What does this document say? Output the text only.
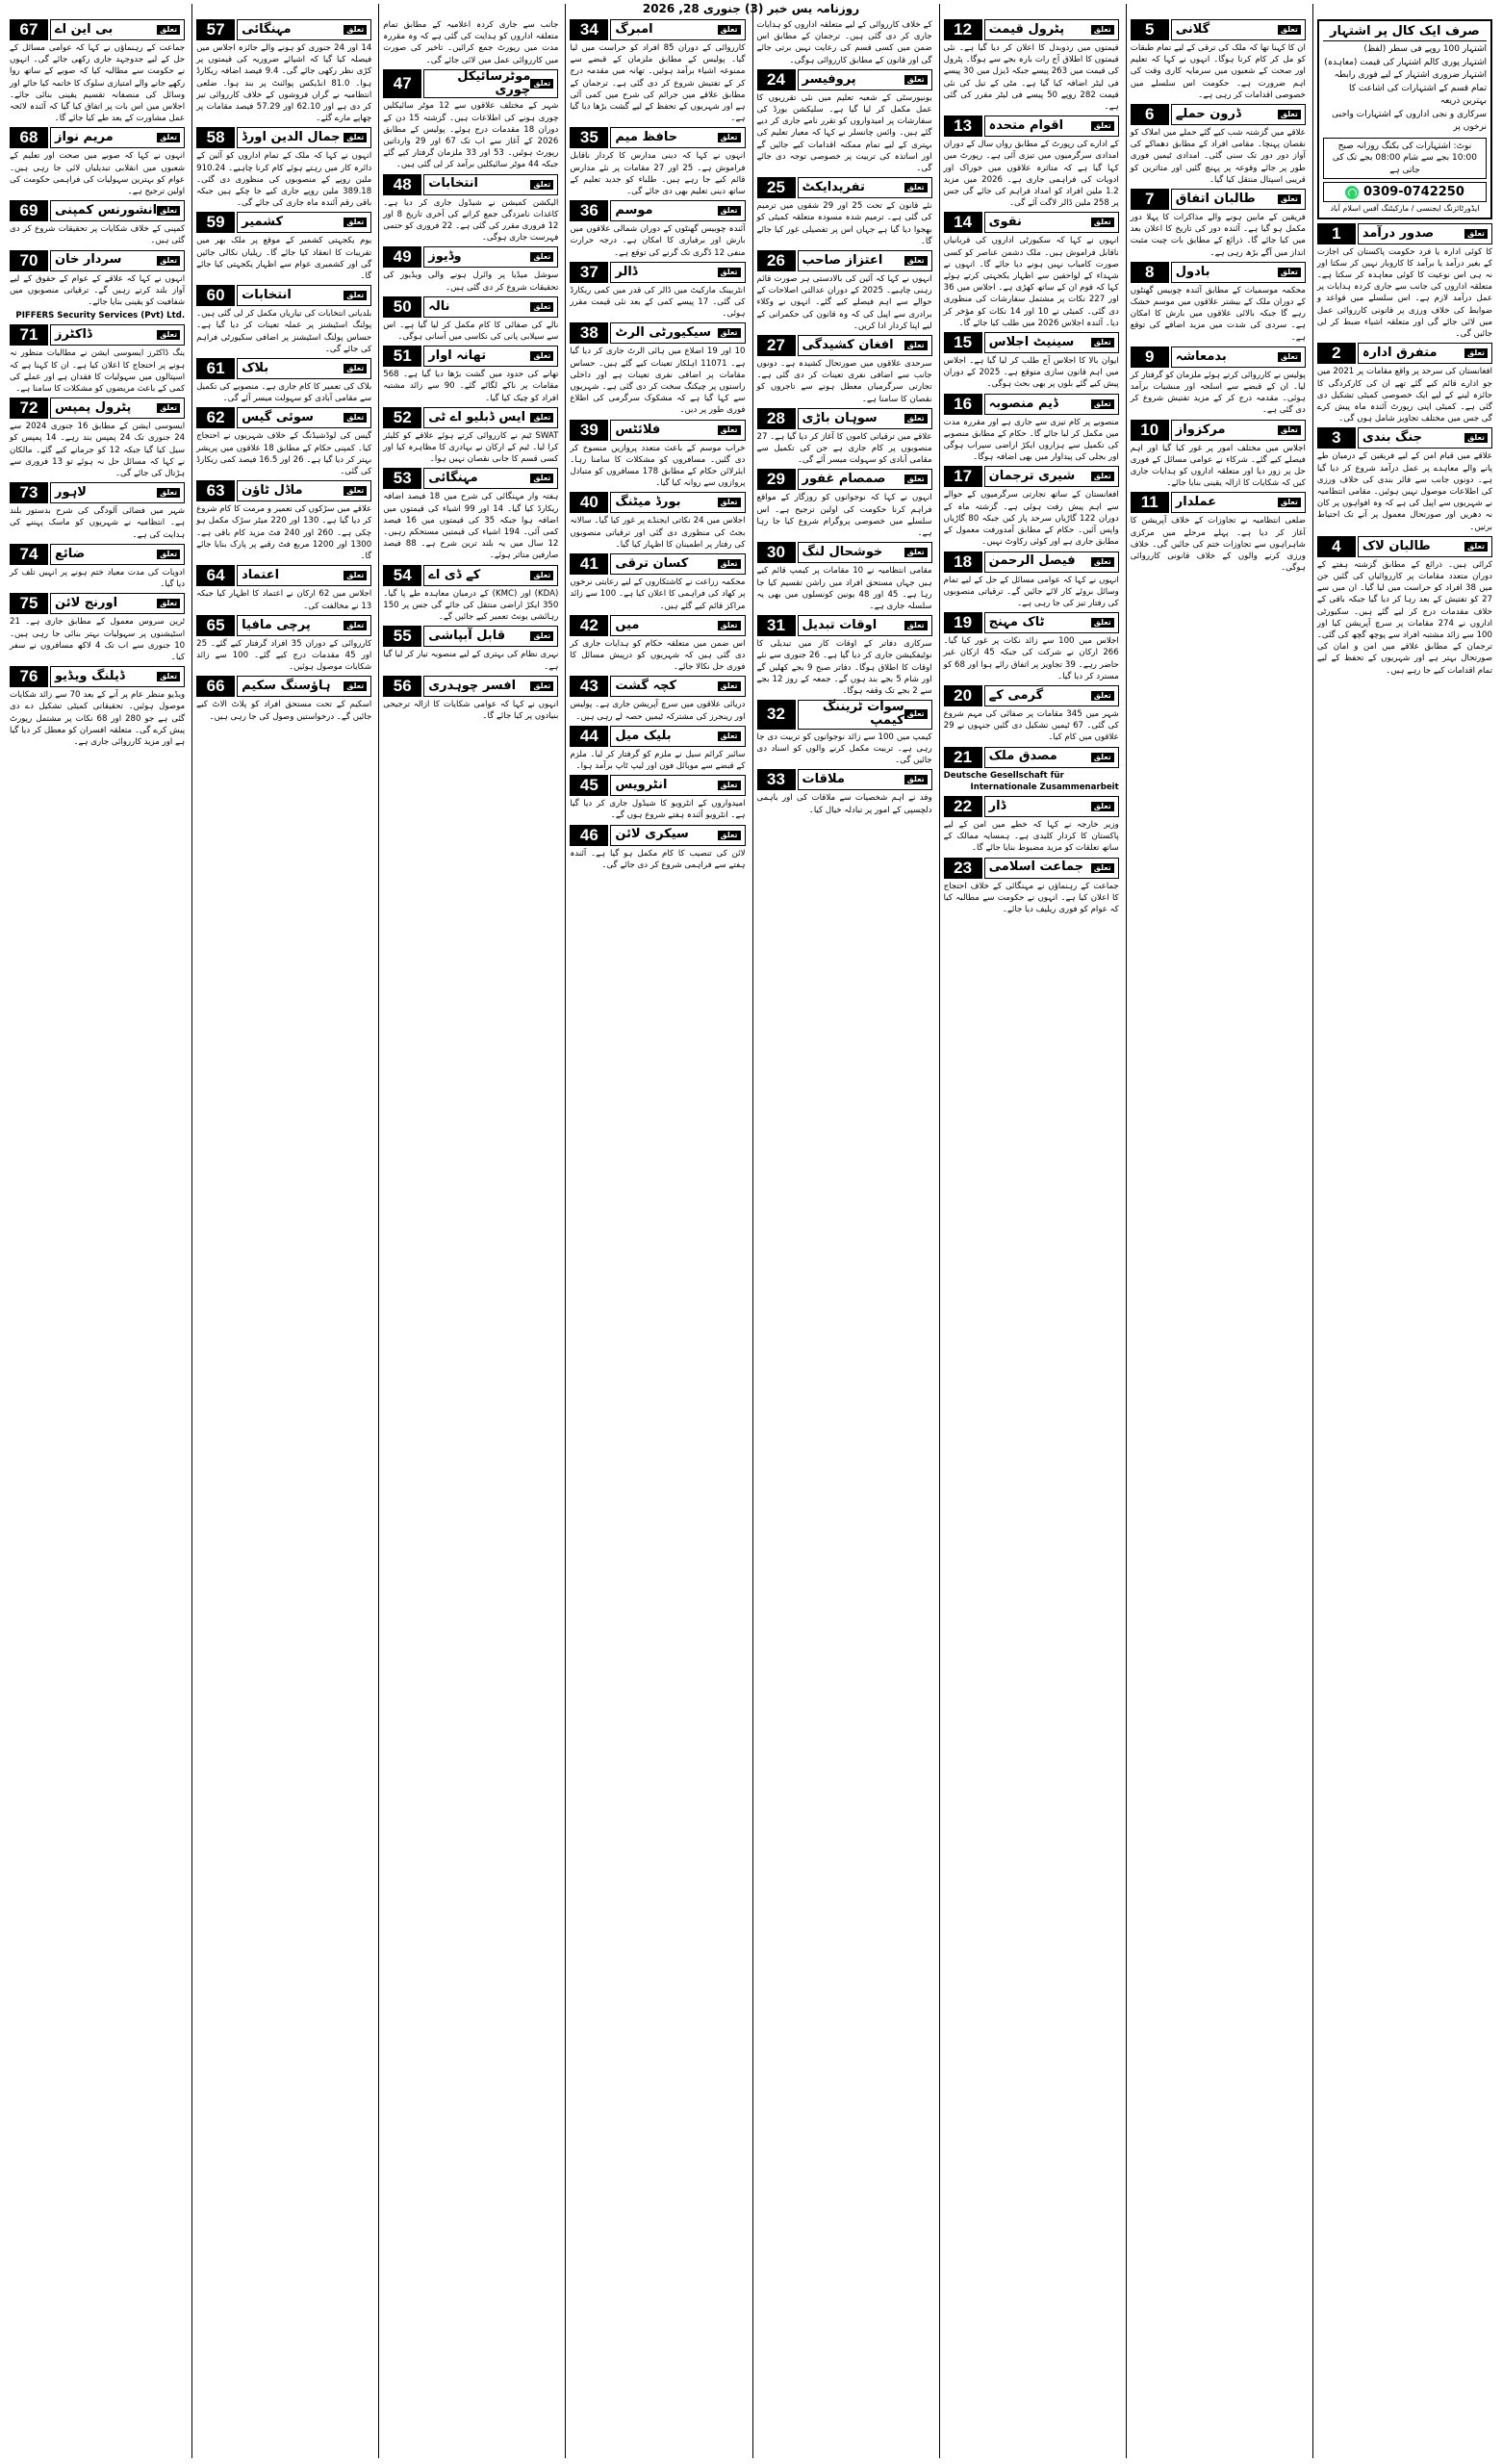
روزنامہ یس خبر (3) جنوری 28, 2026
صرف ایک کال پر اشتہار
اشتہار 100 روپے فی سطر (لفظ)
اشتہار پوری کالم اشتہار کی قیمت (معاہدہ)
اشتہار ضروری اشتہار کے لیے فوری رابطہ
تمام قسم کے اشتہارات کی اشاعت کا بہترین ذریعہ
سرکاری و نجی اداروں کے اشتہارات واجبی نرخوں پر
نوٹ: اشتہارات کی بکنگ روزانہ صبح 10:00 بجے سے شام 08:00 بجے تک کی جاتی ہے
0309-0742250
ایڈورٹائزنگ ایجنسی / مارکیٹنگ آفس اسلام آباد
1	صدور درآمد	تعلق
کا کوئی ادارہ یا فرد حکومت پاکستان کی اجازت کے بغیر درآمد یا برآمد کا کاروبار نہیں کر سکتا اور نہ ہی اس نوعیت کا کوئی معاہدہ کر سکتا ہے۔ متعلقہ اداروں کی جانب سے جاری کردہ ہدایات پر عمل درآمد لازم ہے۔ اس سلسلے میں قواعد و ضوابط کی خلاف ورزی پر قانونی کارروائی عمل میں لائی جائے گی اور متعلقہ اشیاء ضبط کر لی جائیں گی۔
2	متفرق ادارہ	تعلق
افغانستان کی سرحد پر واقع مقامات پر 2021 میں جو ادارے قائم کیے گئے تھے ان کی کارکردگی کا جائزہ لینے کے لیے ایک خصوصی کمیٹی تشکیل دی گئی ہے۔ کمیٹی اپنی رپورٹ آئندہ ماہ پیش کرے گی جس میں مختلف تجاویز شامل ہوں گی۔
3	جنگ بندی	تعلق
علاقے میں قیام امن کے لیے فریقین کے درمیان طے پانے والے معاہدے پر عمل درآمد شروع کر دیا گیا ہے۔ دونوں جانب سے فائر بندی کی خلاف ورزی کی اطلاعات موصول نہیں ہوئیں۔ مقامی انتظامیہ نے شہریوں سے اپیل کی ہے کہ وہ افواہوں پر کان نہ دھریں اور صورتحال معمول پر آنے تک احتیاط برتیں۔
4	طالبان لاک	تعلق
کرائی ہیں۔ ذرائع کے مطابق گزشتہ ہفتے کے دوران متعدد مقامات پر کارروائیاں کی گئیں جن میں 38 افراد کو حراست میں لیا گیا۔ ان میں سے 27 کو تفتیش کے بعد رہا کر دیا گیا جبکہ باقی کے خلاف مقدمات درج کر لیے گئے ہیں۔ سکیورٹی اداروں نے 274 مقامات پر سرچ آپریشن کیا اور 100 سے زائد مشتبہ افراد سے پوچھ گچھ کی گئی۔ ترجمان کے مطابق علاقے میں امن و امان کی صورتحال بہتر ہے اور شہریوں کے تحفظ کے لیے تمام اقدامات کیے جا رہے ہیں۔
5	گلانی	تعلق
ان کا کہنا تھا کہ ملک کی ترقی کے لیے تمام طبقات کو مل کر کام کرنا ہوگا۔ انہوں نے کہا کہ تعلیم اور صحت کے شعبوں میں سرمایہ کاری وقت کی اہم ضرورت ہے۔ حکومت اس سلسلے میں خصوصی اقدامات کر رہی ہے۔
6	ڈرون حملے	تعلق
علاقے میں گزشتہ شب کیے گئے حملے میں املاک کو نقصان پہنچا۔ مقامی افراد کے مطابق دھماکے کی آواز دور دور تک سنی گئی۔ امدادی ٹیمیں فوری طور پر جائے وقوعہ پر پہنچ گئیں اور متاثرین کو قریبی اسپتال منتقل کیا گیا۔
7	طالبان اتفاق	تعلق
فریقین کے مابین ہونے والے مذاکرات کا پہلا دور مکمل ہو گیا ہے۔ آئندہ دور کی تاریخ کا اعلان بعد میں کیا جائے گا۔ ذرائع کے مطابق بات چیت مثبت انداز میں آگے بڑھ رہی ہے۔
8	بادول	تعلق
محکمہ موسمیات کے مطابق آئندہ چوبیس گھنٹوں کے دوران ملک کے بیشتر علاقوں میں موسم خشک رہے گا جبکہ بالائی علاقوں میں بارش کا امکان ہے۔ سردی کی شدت میں مزید اضافے کی توقع ہے۔
9	بدمعاشہ	تعلق
پولیس نے کارروائی کرتے ہوئے ملزمان کو گرفتار کر لیا۔ ان کے قبضے سے اسلحہ اور منشیات برآمد ہوئی۔ مقدمہ درج کر کے مزید تفتیش شروع کر دی گئی ہے۔
10	مرکزواز	تعلق
اجلاس میں مختلف امور پر غور کیا گیا اور اہم فیصلے کیے گئے۔ شرکاء نے عوامی مسائل کے فوری حل پر زور دیا اور متعلقہ اداروں کو ہدایات جاری کیں کہ شکایات کا ازالہ یقینی بنایا جائے۔
11	عملدار	تعلق
ضلعی انتظامیہ نے تجاوزات کے خلاف آپریشن کا آغاز کر دیا ہے۔ پہلے مرحلے میں مرکزی شاہراہوں سے تجاوزات ختم کی جائیں گی۔ خلاف ورزی کرنے والوں کے خلاف قانونی کارروائی ہوگی۔
12	پٹرول قیمت	تعلق
قیمتوں میں ردوبدل کا اعلان کر دیا گیا ہے۔ نئی قیمتوں کا اطلاق آج رات بارہ بجے سے ہوگا۔ پٹرول کی قیمت میں 263 پیسے جبکہ ڈیزل میں 30 پیسے فی لیٹر اضافہ کیا گیا ہے۔ مٹی کے تیل کی نئی قیمت 282 روپے 50 پیسے فی لیٹر مقرر کی گئی ہے۔
13	اقوام متحدہ	تعلق
کے ادارے کی رپورٹ کے مطابق رواں سال کے دوران امدادی سرگرمیوں میں تیزی آئی ہے۔ رپورٹ میں کہا گیا ہے کہ متاثرہ علاقوں میں خوراک اور ادویات کی فراہمی جاری ہے۔ 2026 میں مزید 1.2 ملین افراد کو امداد فراہم کی جائے گی جس پر 258 ملین ڈالر لاگت آئے گی۔
14	نقوی	تعلق
انہوں نے کہا کہ سکیورٹی اداروں کی قربانیاں ناقابل فراموش ہیں۔ ملک دشمن عناصر کو کسی صورت کامیاب نہیں ہونے دیا جائے گا۔ انہوں نے شہداء کے لواحقین سے اظہار یکجہتی کرتے ہوئے کہا کہ قوم ان کے ساتھ کھڑی ہے۔ اجلاس میں 36 اور 227 نکات پر مشتمل سفارشات کی منظوری دی گئی۔ کمیٹی نے 10 اور 14 نکات کو مؤخر کر دیا۔ آئندہ اجلاس 2026 میں طلب کیا جائے گا۔
15	سینیٹ اجلاس	تعلق
ایوان بالا کا اجلاس آج طلب کر لیا گیا ہے۔ اجلاس میں اہم قانون سازی متوقع ہے۔ 2025 کے دوران پیش کیے گئے بلوں پر بھی بحث ہوگی۔
16	ڈیم منصوبہ	تعلق
منصوبے پر کام تیزی سے جاری ہے اور مقررہ مدت میں مکمل کر لیا جائے گا۔ حکام کے مطابق منصوبے کی تکمیل سے ہزاروں ایکڑ اراضی سیراب ہوگی اور بجلی کی پیداوار میں بھی اضافہ ہوگا۔
17	شیری ترجمان	تعلق
افغانستان کے ساتھ تجارتی سرگرمیوں کے حوالے سے اہم پیش رفت ہوئی ہے۔ گزشتہ ماہ کے دوران 122 گاڑیاں سرحد پار کیں جبکہ 80 گاڑیاں واپس آئیں۔ حکام کے مطابق آمدورفت معمول کے مطابق جاری ہے اور کوئی رکاوٹ نہیں۔
18	فیصل الرحمن	تعلق
انہوں نے کہا کہ عوامی مسائل کے حل کے لیے تمام وسائل بروئے کار لائے جائیں گے۔ ترقیاتی منصوبوں کی رفتار تیز کی جا رہی ہے۔
19	ٹاک مہنج	تعلق
اجلاس میں 100 سے زائد نکات پر غور کیا گیا۔ 266 ارکان نے شرکت کی جبکہ 45 ارکان غیر حاضر رہے۔ 39 تجاویز پر اتفاق رائے ہوا اور 68 کو مسترد کر دیا گیا۔
20	گرمی کے	تعلق
شہر میں 345 مقامات پر صفائی کی مہم شروع کی گئی۔ 67 ٹیمیں تشکیل دی گئیں جنہوں نے 29 علاقوں میں کام کیا۔
21	مصدق ملک	تعلق
Deutsche Gesellschaft für Internationale Zusammenarbeit
22	ڈار	تعلق
وزیر خارجہ نے کہا کہ خطے میں امن کے لیے پاکستان کا کردار کلیدی ہے۔ ہمسایہ ممالک کے ساتھ تعلقات کو مزید مضبوط بنایا جائے گا۔
23	جماعت اسلامی	تعلق
جماعت کے رہنماؤں نے مہنگائی کے خلاف احتجاج کا اعلان کیا ہے۔ انہوں نے حکومت سے مطالبہ کیا کہ عوام کو فوری ریلیف دیا جائے۔
کے خلاف کارروائی کے لیے متعلقہ اداروں کو ہدایات جاری کر دی گئی ہیں۔ ترجمان کے مطابق اس ضمن میں کسی قسم کی رعایت نہیں برتی جائے گی اور قانون کے مطابق کارروائی ہوگی۔
24	پروفیسر	تعلق
یونیورسٹی کے شعبہ تعلیم میں نئی تقرریوں کا عمل مکمل کر لیا گیا ہے۔ سلیکشن بورڈ کی سفارشات پر امیدواروں کو تقرر نامے جاری کر دیے گئے ہیں۔ وائس چانسلر نے کہا کہ معیار تعلیم کی بہتری کے لیے تمام ممکنہ اقدامات کیے جائیں گے اور اساتذہ کی تربیت پر خصوصی توجہ دی جائے گی۔
25	تفریدایکٹ	تعلق
نئے قانون کے تحت 25 اور 29 شقوں میں ترمیم کی گئی ہے۔ ترمیم شدہ مسودہ متعلقہ کمیٹی کو بھجوا دیا گیا ہے جہاں اس پر تفصیلی غور کیا جائے گا۔
26	اعتزاز صاحب	تعلق
انہوں نے کہا کہ آئین کی بالادستی ہر صورت قائم رہنی چاہیے۔ 2025 کے دوران عدالتی اصلاحات کے حوالے سے اہم فیصلے کیے گئے۔ انہوں نے وکلاء برادری سے اپیل کی کہ وہ قانون کی حکمرانی کے لیے اپنا کردار ادا کریں۔
27	افغان کشیدگی	تعلق
سرحدی علاقوں میں صورتحال کشیدہ ہے۔ دونوں جانب سے اضافی نفری تعینات کر دی گئی ہے۔ تجارتی سرگرمیاں معطل ہونے سے تاجروں کو نقصان کا سامنا ہے۔
28	سوہان باڑی	تعلق
علاقے میں ترقیاتی کاموں کا آغاز کر دیا گیا ہے۔ 27 منصوبوں پر کام جاری ہے جن کی تکمیل سے مقامی آبادی کو سہولت میسر آئے گی۔
29	صمصام غفور	تعلق
انہوں نے کہا کہ نوجوانوں کو روزگار کے مواقع فراہم کرنا حکومت کی اولین ترجیح ہے۔ اس سلسلے میں خصوصی پروگرام شروع کیا جا رہا ہے۔
30	خوشحال لنگ	تعلق
مقامی انتظامیہ نے 10 مقامات پر کیمپ قائم کیے ہیں جہاں مستحق افراد میں راشن تقسیم کیا جا رہا ہے۔ 45 اور 48 یونین کونسلوں میں بھی یہ سلسلہ جاری ہے۔
31	اوقات تبدیل	تعلق
سرکاری دفاتر کے اوقات کار میں تبدیلی کا نوٹیفکیشن جاری کر دیا گیا ہے۔ 26 جنوری سے نئے اوقات کا اطلاق ہوگا۔ دفاتر صبح 9 بجے کھلیں گے اور شام 5 بجے بند ہوں گے۔ جمعہ کے روز 12 بجے سے 2 بجے تک وقفہ ہوگا۔
32	سوات ٹریننگ کیمپ تعلق
کیمپ میں 100 سے زائد نوجوانوں کو تربیت دی جا رہی ہے۔ تربیت مکمل کرنے والوں کو اسناد دی جائیں گی۔
33	ملاقات	تعلق
وفد نے اہم شخصیات سے ملاقات کی اور باہمی دلچسپی کے امور پر تبادلہ خیال کیا۔
34	امبرگ	تعلق
کارروائی کے دوران 85 افراد کو حراست میں لیا گیا۔ پولیس کے مطابق ملزمان کے قبضے سے ممنوعہ اشیاء برآمد ہوئیں۔ تھانہ میں مقدمہ درج کر کے تفتیش شروع کر دی گئی ہے۔ ترجمان کے مطابق علاقے میں جرائم کی شرح میں کمی آئی ہے اور شہریوں کے تحفظ کے لیے گشت بڑھا دیا گیا ہے۔
35	حافظ میم	تعلق
انہوں نے کہا کہ دینی مدارس کا کردار ناقابل فراموش ہے۔ 25 اور 27 مقامات پر نئے مدارس قائم کیے جا رہے ہیں۔ طلباء کو جدید تعلیم کے ساتھ دینی تعلیم بھی دی جائے گی۔
36	موسم	تعلق
آئندہ چوبیس گھنٹوں کے دوران شمالی علاقوں میں بارش اور برفباری کا امکان ہے۔ درجہ حرارت منفی 12 ڈگری تک گرنے کی توقع ہے۔
37	ڈالر	تعلق
انٹربینک مارکیٹ میں ڈالر کی قدر میں کمی ریکارڈ کی گئی۔ 17 پیسے کمی کے بعد نئی قیمت مقرر ہوئی۔
38	سیکیورٹی الرٹ	تعلق
10 اور 19 اضلاع میں ہائی الرٹ جاری کر دیا گیا ہے۔ 11071 اہلکار تعینات کیے گئے ہیں۔ حساس مقامات پر اضافی نفری تعینات ہے اور داخلی راستوں پر چیکنگ سخت کر دی گئی ہے۔ شہریوں سے کہا گیا ہے کہ مشکوک سرگرمی کی اطلاع فوری طور پر دیں۔
39	فلائٹس	تعلق
خراب موسم کے باعث متعدد پروازیں منسوخ کر دی گئیں۔ مسافروں کو مشکلات کا سامنا رہا۔ ایئرلائن حکام کے مطابق 178 مسافروں کو متبادل پروازوں سے روانہ کیا گیا۔
40	بورڈ میٹنگ	تعلق
اجلاس میں 24 نکاتی ایجنڈے پر غور کیا گیا۔ سالانہ بجٹ کی منظوری دی گئی اور ترقیاتی منصوبوں کی رفتار پر اطمینان کا اظہار کیا گیا۔
41	کسان ترقی	تعلق
محکمہ زراعت نے کاشتکاروں کے لیے رعایتی نرخوں پر کھاد کی فراہمی کا اعلان کیا ہے۔ 100 سے زائد مراکز قائم کیے گئے ہیں۔
42	میں	تعلق
اس ضمن میں متعلقہ حکام کو ہدایات جاری کر دی گئی ہیں کہ شہریوں کو درپیش مسائل کا فوری حل نکالا جائے۔
43	کچہ گشت	تعلق
دریائی علاقوں میں سرچ آپریشن جاری ہے۔ پولیس اور رینجرز کی مشترکہ ٹیمیں حصہ لے رہی ہیں۔
44	بلیک میل	تعلق
سائبر کرائم سیل نے ملزم کو گرفتار کر لیا۔ ملزم کے قبضے سے موبائل فون اور لیپ ٹاپ برآمد ہوا۔
45	انٹرویس	تعلق
امیدواروں کے انٹرویو کا شیڈول جاری کر دیا گیا ہے۔ انٹرویو آئندہ ہفتے شروع ہوں گے۔
46	سیکری لائن	تعلق
لائن کی تنصیب کا کام مکمل ہو گیا ہے۔ آئندہ ہفتے سے فراہمی شروع کر دی جائے گی۔
جانب سے جاری کردہ اعلامیہ کے مطابق تمام متعلقہ اداروں کو ہدایت کی گئی ہے کہ وہ مقررہ مدت میں رپورٹ جمع کرائیں۔ تاخیر کی صورت میں کارروائی عمل میں لائی جائے گی۔
47	موٹرسائیکل چوری تعلق
شہر کے مختلف علاقوں سے 12 موٹر سائیکلیں چوری ہونے کی اطلاعات ہیں۔ گزشتہ 15 دن کے دوران 18 مقدمات درج ہوئے۔ پولیس کے مطابق 2026 کے آغاز سے اب تک 67 اور 29 وارداتیں رپورٹ ہوئیں۔ 53 اور 33 ملزمان گرفتار کیے گئے جبکہ 44 موٹر سائیکلیں برآمد کر لی گئی ہیں۔
48	انتخابات	تعلق
الیکشن کمیشن نے شیڈول جاری کر دیا ہے۔ کاغذات نامزدگی جمع کرانے کی آخری تاریخ 8 اور 12 فروری مقرر کی گئی ہے۔ 22 فروری کو حتمی فہرست جاری ہوگی۔
49	وڈیوز	تعلق
سوشل میڈیا پر وائرل ہونے والی ویڈیوز کی تحقیقات شروع کر دی گئی ہیں۔
50	نالہ	تعلق
نالے کی صفائی کا کام مکمل کر لیا گیا ہے۔ اس سے سیلابی پانی کی نکاسی میں آسانی ہوگی۔
51	تھانہ اوار	تعلق
تھانے کی حدود میں گشت بڑھا دیا گیا ہے۔ 568 مقامات پر ناکے لگائے گئے۔ 90 سے زائد مشتبہ افراد کو چیک کیا گیا۔
52	ایس ڈبلیو اے ٹی	تعلق
SWAT ٹیم نے کارروائی کرتے ہوئے علاقے کو کلیئر کرا لیا۔ ٹیم کے ارکان نے بہادری کا مظاہرہ کیا اور کسی قسم کا جانی نقصان نہیں ہوا۔
53	مہنگائی	تعلق
ہفتہ وار مہنگائی کی شرح میں 18 فیصد اضافہ ریکارڈ کیا گیا۔ 14 اور 99 اشیاء کی قیمتوں میں اضافہ ہوا جبکہ 35 کی قیمتوں میں 16 فیصد کمی آئی۔ 194 اشیاء کی قیمتیں مستحکم رہیں۔ 12 سال میں یہ بلند ترین شرح ہے۔ 88 فیصد صارفین متاثر ہوئے۔
54	کے ڈی اے	تعلق
(KDA) اور (KMC) کے درمیان معاہدہ طے پا گیا۔ 350 ایکڑ اراضی منتقل کی جائے گی جس پر 150 رہائشی یونٹ تعمیر کیے جائیں گے۔
55	قابل آبپاشی	تعلق
نہری نظام کی بہتری کے لیے منصوبہ تیار کر لیا گیا ہے۔
56	افسر چوہدری	تعلق
انہوں نے کہا کہ عوامی شکایات کا ازالہ ترجیحی بنیادوں پر کیا جائے گا۔
57	مہنگائی	تعلق
14 اور 24 جنوری کو ہونے والے جائزہ اجلاس میں فیصلہ کیا گیا کہ اشیائے ضروریہ کی قیمتوں پر کڑی نظر رکھی جائے گی۔ 9.4 فیصد اضافہ ریکارڈ ہوا۔ 81.0 انڈیکس پوائنٹ پر بند ہوا۔ ضلعی انتظامیہ نے گراں فروشوں کے خلاف کارروائی تیز کر دی ہے اور 62.10 اور 57.29 فیصد مقامات پر چھاپے مارے گئے۔
58	جمال الدین اورڈ تعلق
انہوں نے کہا کہ ملک کے تمام اداروں کو آئین کے دائرہ کار میں رہتے ہوئے کام کرنا چاہیے۔ 910.24 ملین روپے کے منصوبوں کی منظوری دی گئی۔ 389.18 ملین روپے جاری کیے جا چکے ہیں جبکہ باقی رقم آئندہ ماہ جاری کی جائے گی۔
59	کشمیر	تعلق
یوم یکجہتی کشمیر کے موقع پر ملک بھر میں تقریبات کا انعقاد کیا جائے گا۔ ریلیاں نکالی جائیں گی اور کشمیری عوام سے اظہار یکجہتی کیا جائے گا۔
60	انتخابات	تعلق
بلدیاتی انتخابات کی تیاریاں مکمل کر لی گئی ہیں۔ پولنگ اسٹیشنز پر عملہ تعینات کر دیا گیا ہے۔ حساس پولنگ اسٹیشنز پر اضافی سکیورٹی فراہم کی جائے گی۔
61	بلاک	تعلق
بلاک کی تعمیر کا کام جاری ہے۔ منصوبے کی تکمیل سے مقامی آبادی کو سہولت میسر آئے گی۔
62	سوئی گیس	تعلق
گیس کی لوڈشیڈنگ کے خلاف شہریوں نے احتجاج کیا۔ کمپنی حکام کے مطابق 18 علاقوں میں پریشر بہتر کر دیا گیا ہے۔ 26 اور 16.5 فیصد کمی ریکارڈ کی گئی۔
63	ماڈل ٹاؤن	تعلق
علاقے میں سڑکوں کی تعمیر و مرمت کا کام شروع کر دیا گیا ہے۔ 130 اور 220 میٹر سڑک مکمل ہو چکی ہے۔ 260 اور 240 فٹ مزید کام باقی ہے۔ 1300 اور 1200 مربع فٹ رقبے پر پارک بنایا جائے گا۔
64	اعتماد	تعلق
اجلاس میں 62 ارکان نے اعتماد کا اظہار کیا جبکہ 13 نے مخالفت کی۔
65	پرچی مافیا	تعلق
کارروائی کے دوران 35 افراد گرفتار کیے گئے۔ 25 اور 45 مقدمات درج کیے گئے۔ 100 سے زائد شکایات موصول ہوئیں۔
66	ہاؤسنگ سکیم	تعلق
اسکیم کے تحت مستحق افراد کو پلاٹ الاٹ کیے جائیں گے۔ درخواستیں وصول کی جا رہی ہیں۔
67	بی این اے	تعلق
جماعت کے رہنماؤں نے کہا کہ عوامی مسائل کے حل کے لیے جدوجہد جاری رکھی جائے گی۔ انہوں نے حکومت سے مطالبہ کیا کہ صوبے کے ساتھ روا رکھے جانے والے امتیازی سلوک کا خاتمہ کیا جائے اور وسائل کی منصفانہ تقسیم یقینی بنائی جائے۔ اجلاس میں اس بات پر اتفاق کیا گیا کہ آئندہ لائحہ عمل مشاورت کے بعد طے کیا جائے گا۔
68	مریم نواز	تعلق
انہوں نے کہا کہ صوبے میں صحت اور تعلیم کے شعبوں میں انقلابی تبدیلیاں لائی جا رہی ہیں۔ عوام کو بہترین سہولیات کی فراہمی حکومت کی اولین ترجیح ہے۔
69	انشورنس کمپنی تعلق
کمپنی کے خلاف شکایات پر تحقیقات شروع کر دی گئی ہیں۔
70	سردار خان	تعلق
انہوں نے کہا کہ علاقے کے عوام کے حقوق کے لیے آواز بلند کرتے رہیں گے۔ ترقیاتی منصوبوں میں شفافیت کو یقینی بنایا جائے۔
PIFFERS Security Services (Pvt) Ltd.
71	ڈاکٹرز	تعلق
ینگ ڈاکٹرز ایسوسی ایشن نے مطالبات منظور نہ ہونے پر احتجاج کا اعلان کیا ہے۔ ان کا کہنا ہے کہ اسپتالوں میں سہولیات کا فقدان ہے اور عملے کی کمی کے باعث مریضوں کو مشکلات کا سامنا ہے۔
72	پٹرول پمپس	تعلق
ایسوسی ایشن کے مطابق 16 جنوری 2024 سے 24 جنوری تک 24 پمپس بند رہے۔ 14 پمپس کو سیل کیا گیا جبکہ 12 کو جرمانے کیے گئے۔ مالکان نے کہا کہ مسائل حل نہ ہوئے تو 13 فروری سے ہڑتال کی جائے گی۔
73	لاہور	تعلق
شہر میں فضائی آلودگی کی شرح بدستور بلند ہے۔ انتظامیہ نے شہریوں کو ماسک پہننے کی ہدایت کی ہے۔
74	ضائع	تعلق
ادویات کی مدت معیاد ختم ہونے پر انہیں تلف کر دیا گیا۔
75	اورنج لائن	تعلق
ٹرین سروس معمول کے مطابق جاری ہے۔ 21 اسٹیشنوں پر سہولیات بہتر بنائی جا رہی ہیں۔ 10 جنوری سے اب تک 4 لاکھ مسافروں نے سفر کیا۔
76	ڈیلنگ ویڈیو	تعلق
ویڈیو منظر عام پر آنے کے بعد 70 سے زائد شکایات موصول ہوئیں۔ تحقیقاتی کمیٹی تشکیل دے دی گئی ہے جو 280 اور 68 نکات پر مشتمل رپورٹ پیش کرے گی۔ متعلقہ افسران کو معطل کر دیا گیا ہے اور مزید کارروائی جاری ہے۔
